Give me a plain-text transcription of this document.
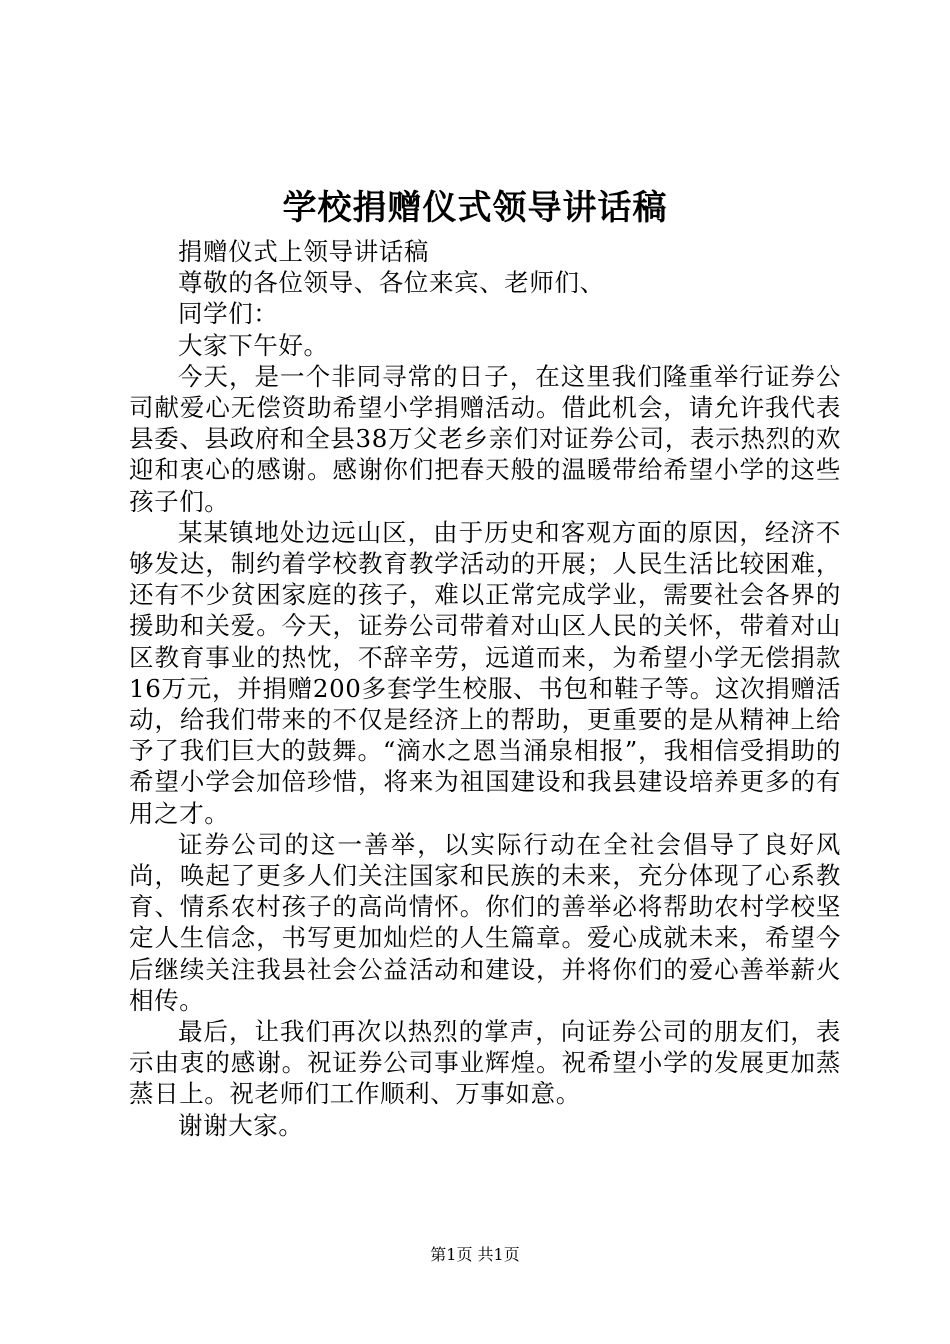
学校捐赠仪式领导讲话稿

捐赠仪式上领导讲话稿

尊敬的各位领导、各位来宾、老师们、

同学们：

大家下午好。

今天，是一个非同寻常的日子，在这里我们隆重举行证券公司献爱心无偿资助希望小学捐赠活动。借此机会，请允许我代表县委、县政府和全县38万父老乡亲们对证券公司，表示热烈的欢迎和衷心的感谢。感谢你们把春天般的温暖带给希望小学的这些孩子们。

某某镇地处边远山区，由于历史和客观方面的原因，经济不够发达，制约着学校教育教学活动的开展；人民生活比较困难，还有不少贫困家庭的孩子，难以正常完成学业，需要社会各界的援助和关爱。今天，证券公司带着对山区人民的关怀，带着对山区教育事业的热忱，不辞辛劳，远道而来，为希望小学无偿捐款16万元，并捐赠200多套学生校服、书包和鞋子等。这次捐赠活动，给我们带来的不仅是经济上的帮助，更重要的是从精神上给予了我们巨大的鼓舞。“滴水之恩当涌泉相报”，我相信受捐助的希望小学会加倍珍惜，将来为祖国建设和我县建设培养更多的有用之才。

证券公司的这一善举，以实际行动在全社会倡导了良好风尚，唤起了更多人们关注国家和民族的未来，充分体现了心系教育、情系农村孩子的高尚情怀。你们的善举必将帮助农村学校坚定人生信念，书写更加灿烂的人生篇章。爱心成就未来，希望今后继续关注我县社会公益活动和建设，并将你们的爱心善举薪火相传。

最后，让我们再次以热烈的掌声，向证券公司的朋友们，表示由衷的感谢。祝证券公司事业辉煌。祝希望小学的发展更加蒸蒸日上。祝老师们工作顺利、万事如意。

谢谢大家。

第1页 共1页
